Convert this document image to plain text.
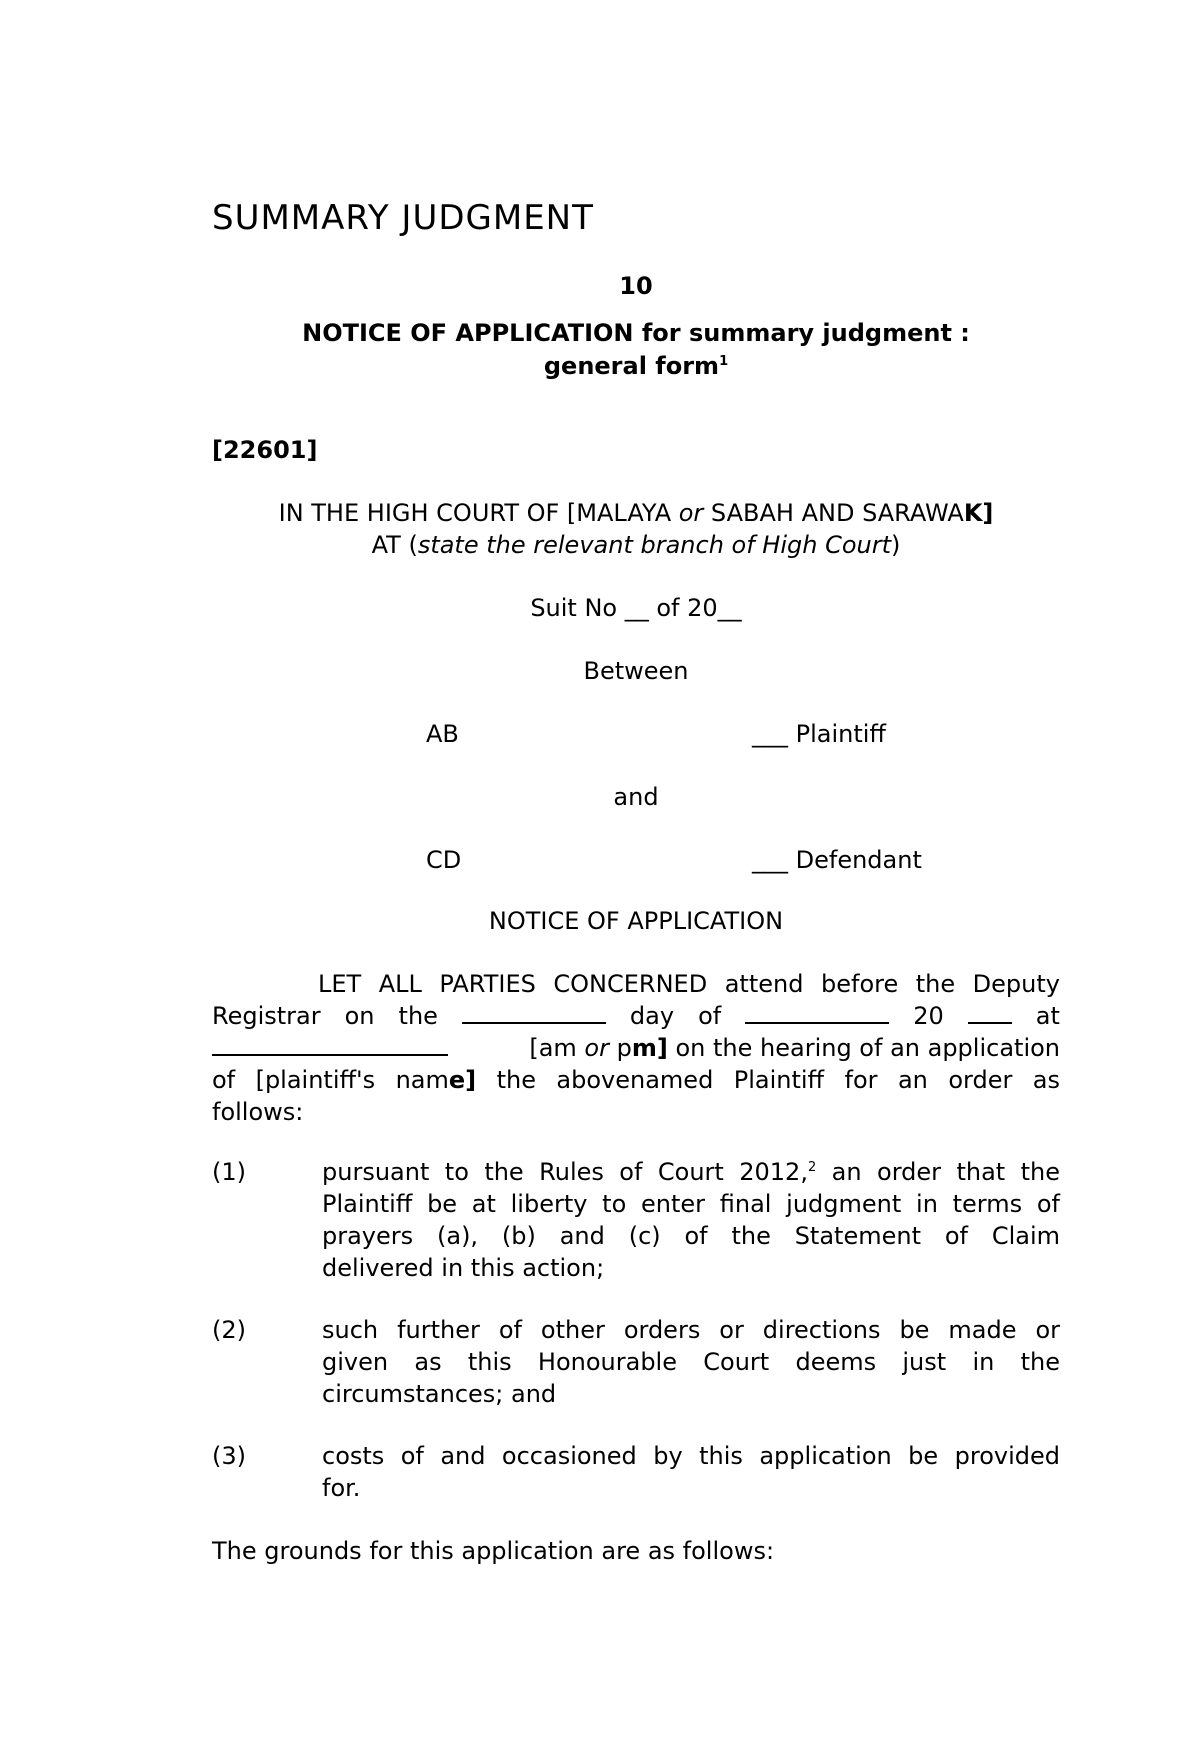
SUMMARY JUDGMENT
10
NOTICE OF APPLICATION for summary judgment :
general form$^1$
[22601]
IN THE HIGH COURT OF [MALAYA or SABAH AND SARAWAK]
AT (state the relevant branch of High Court)
Suit No __ of 20__
Between
AB	___ Plaintiff
and
CD	___ Defendant
NOTICE OF APPLICATION
LET ALL PARTIES CONCERNED attend before the Deputy
Registrar on the	day of	20	at
[am or pm] on the hearing of an application
of [plaintiff's name] the abovenamed Plaintiff for an order as
follows:
(1)	pursuant to the Rules of Court 2012,$^2$ an order that the
Plaintiff be at liberty to enter final judgment in terms of
prayers (a), (b) and (c) of the Statement of Claim
delivered in this action;
(2)	such further of other orders or directions be made or
given as this Honourable Court deems just in the
circumstances; and
(3)	costs of and occasioned by this application be provided
for.
The grounds for this application are as follows:
